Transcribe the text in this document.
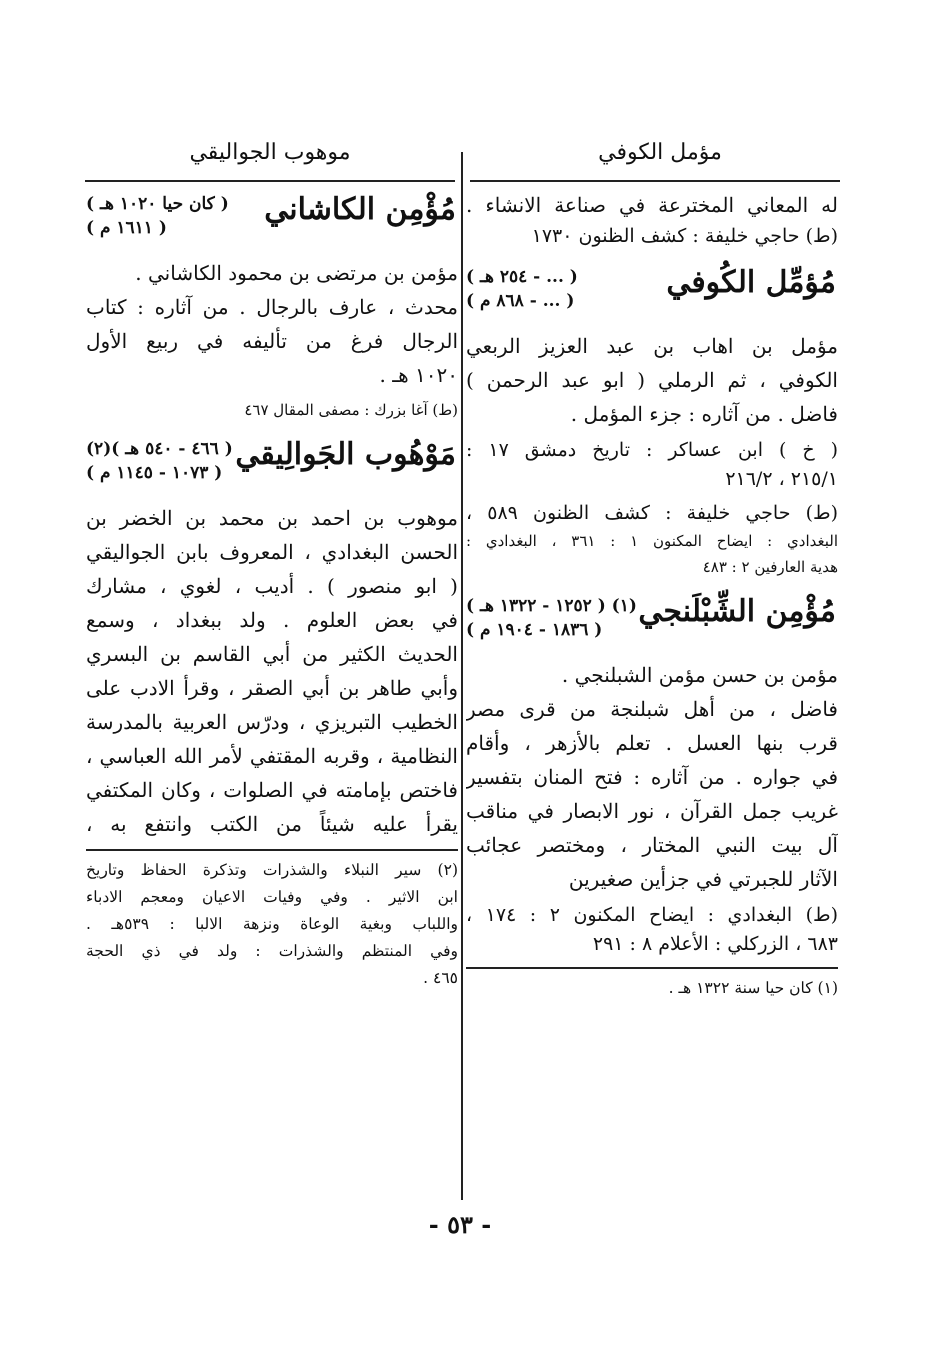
مؤمل الكوفي
موهوب الجواليقي

له المعاني المخترعة في صناعة الانشاء .

(ط) حاجي خليفة : كشف الظنون ١٧٣٠

مُؤمِّل الكُوفي
( ... - ٢٥٤ هـ )
( ... - ٨٦٨ م )

مؤمل بن اهاب بن عبد العزيز الربعي

الكوفي ، ثم الرملي ( ابو عبد الرحمن )

فاضل . من آثاره : جزء المؤمل .

( خ ) ابن عساكر : تاريخ دمشق ١٧ :

٢١٥/١ ، ٢١٦/٢

(ط) حاجي خليفة : كشف الظنون ٥٨٩ ،

البغدادي : ايضاح المكنون ١ : ٣٦١ ، البغدادي :

هدية العارفين ٢ : ٤٨٣

مُؤْمِن الشِّبْلَنجي
(١) ( ١٢٥٢ - ١٣٢٢ هـ )
( ١٨٣٦ - ١٩٠٤ م )

مؤمن بن حسن مؤمن الشبلنجي .

فاضل ، من أهل شبلنجة من قرى مصر

قرب بنها العسل . تعلم بالأزهر ، وأقام

في جواره . من آثاره : فتح المنان بتفسير

غريب جمل القرآن ، نور الابصار في مناقب

آل بيت النبي المختار ، ومختصر عجائب

الآثار للجبرتي في جزأين صغيرين

(ط) البغدادي : ايضاح المكنون ٢ : ١٧٤ ،

٦٨٣ ، الزركلي : الأعلام ٨ : ٢٩١

(١) كان حيا سنة ١٣٢٢ هـ .

مُؤْمِن الكاشاني
( كان حيا ١٠٢٠ هـ )
( ١٦١١ م )

مؤمن بن مرتضى بن محمود الكاشاني .

محدث ، عارف بالرجال . من آثاره : كتاب

الرجال فرغ من تأليفه في ربيع الأول

١٠٢٠ هـ .

(ط) آغا بزرك : مصفى المقال ٤٦٧

مَوْهُوب الجَوالِيقي
( ٤٦٦ - ٥٤٠ هـ )(٢)
( ١٠٧٣ - ١١٤٥ م )

موهوب بن احمد بن محمد بن الخضر بن

الحسن البغدادي ، المعروف بابن الجواليقي

( ابو منصور ) . أديب ، لغوي ، مشارك

في بعض العلوم . ولد ببغداد ، وسمع

الحديث الكثير من أبي القاسم بن البسري

وأبي طاهر بن أبي الصقر ، وقرأ الادب على

الخطيب التبريزي ، ودرّس العربية بالمدرسة

النظامية ، وقربه المقتفي لأمر الله العباسي ،

فاختص بإمامته في الصلوات ، وكان المكتفي

يقرأ عليه شيئاً من الكتب وانتفع به ،

(٢) سير النبلاء والشذرات وتذكرة الحفاظ وتاريخ

ابن الاثير . وفي وفيات الاعيان ومعجم الادباء

واللباب وبغية الوعاة ونزهة الالبا : ٥٣٩هـ .

وفي المنتظم والشذرات : ولد في ذي الحجة

٤٦٥ .

- ٥٣ -
